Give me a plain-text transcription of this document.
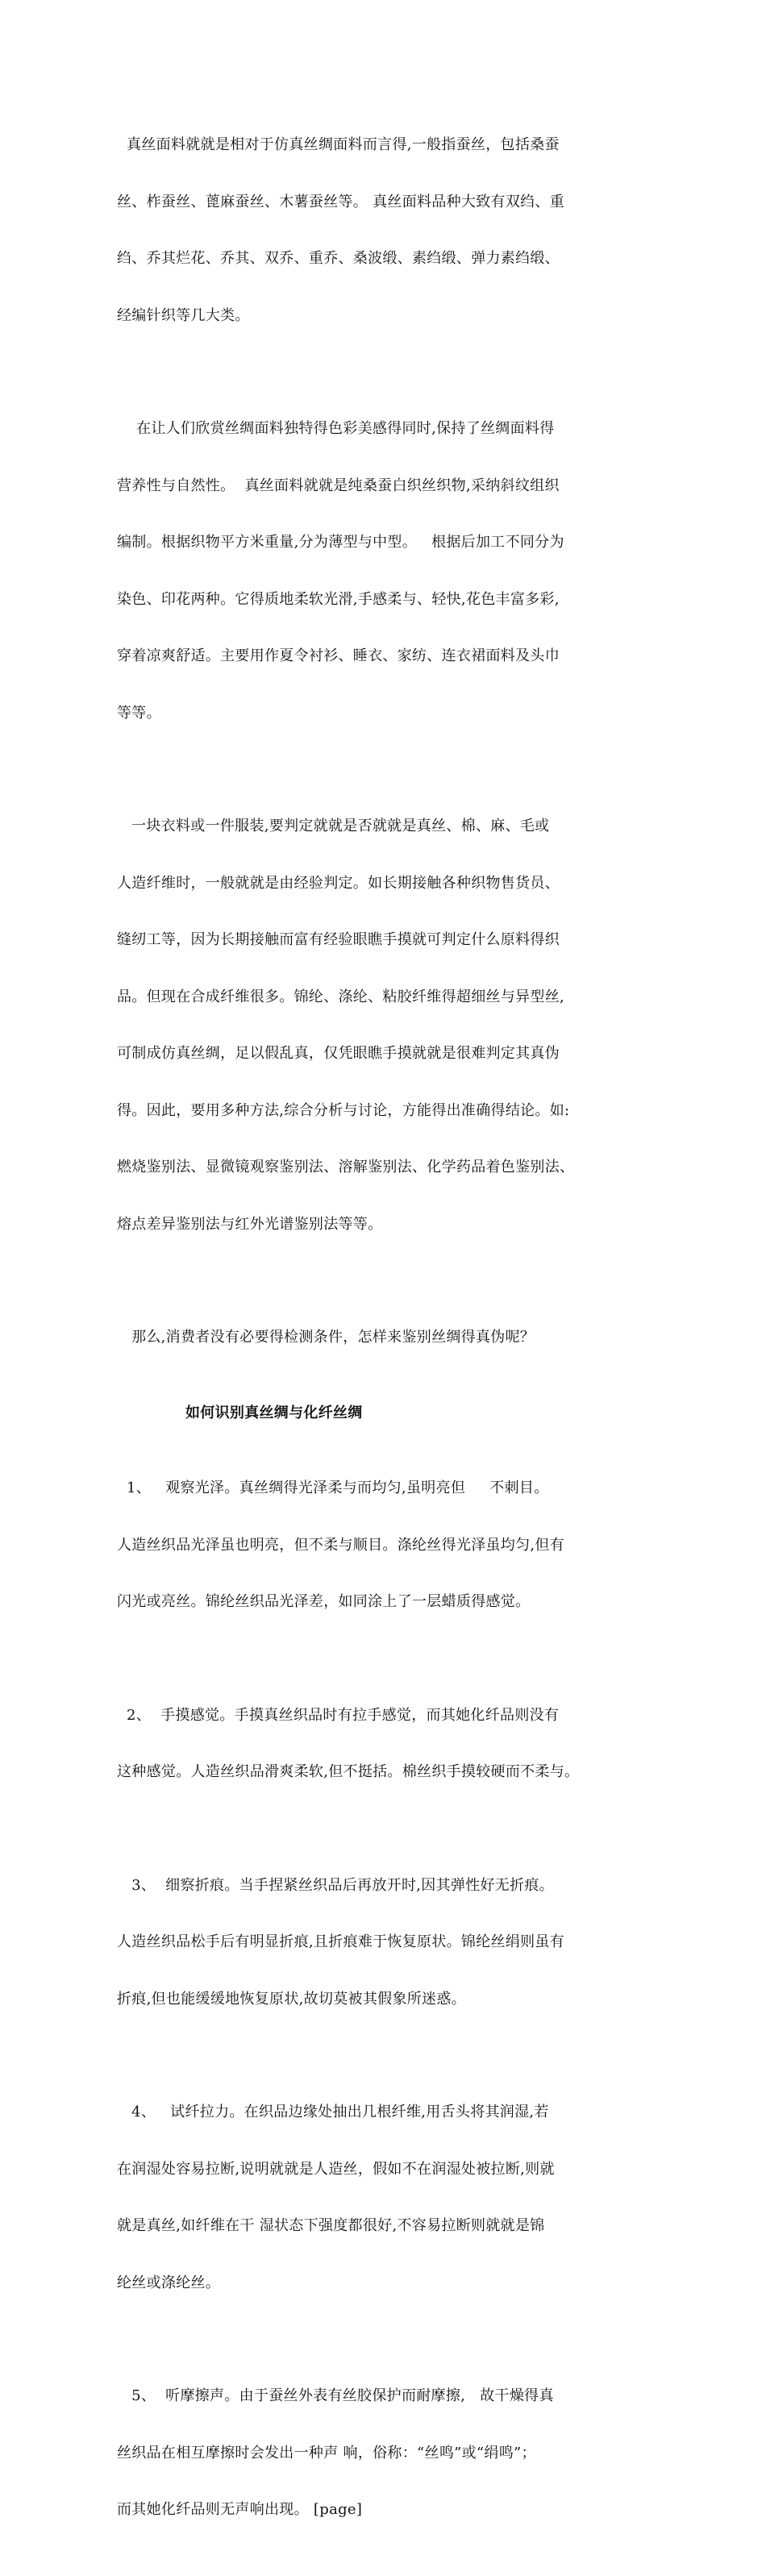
真丝面料就就是相对于仿真丝绸面料而言得,一般指蚕丝，包括桑蚕

丝、柞蚕丝、蓖麻蚕丝、木薯蚕丝等。 真丝面料品种大致有双绉、重

绉、乔其烂花、乔其、双乔、重乔、桑波缎、素绉缎、弹力素绉缎、

经编针织等几大类。

在让人们欣赏丝绸面料独特得色彩美感得同时,保持了丝绸面料得

营养性与自然性。  真丝面料就就是纯桑蚕白织丝织物,采纳斜纹组织

编制。根据织物平方米重量,分为薄型与中型。   根据后加工不同分为

染色、印花两种。它得质地柔软光滑,手感柔与、轻快,花色丰富多彩,

穿着凉爽舒适。主要用作夏令衬衫、睡衣、家纺、连衣裙面料及头巾

等等。

一块衣料或一件服装,要判定就就是否就就是真丝、棉、麻、毛或

人造纤维时，一般就就是由经验判定。如长期接触各种织物售货员、

缝纫工等，因为长期接触而富有经验眼瞧手摸就可判定什么原料得织

品。但现在合成纤维很多。锦纶、涤纶、粘胶纤维得超细丝与异型丝,

可制成仿真丝绸，足以假乱真，仅凭眼瞧手摸就就是很难判定其真伪

得。因此，要用多种方法,综合分析与讨论，方能得出准确得结论。如:

燃烧鉴别法、显微镜观察鉴别法、溶解鉴别法、化学药品着色鉴别法、

熔点差异鉴别法与红外光谱鉴别法等等。

那么,消费者没有必要得检测条件，怎样来鉴别丝绸得真伪呢？

如何识别真丝绸与化纤丝绸

1、   观察光泽。真丝绸得光泽柔与而均匀,虽明亮但     不刺目。

人造丝织品光泽虽也明亮，但不柔与顺目。涤纶丝得光泽虽均匀,但有

闪光或亮丝。锦纶丝织品光泽差，如同涂上了一层蜡质得感觉。

2、  手摸感觉。手摸真丝织品时有拉手感觉，而其她化纤品则没有

这种感觉。人造丝织品滑爽柔软,但不挺括。棉丝织手摸较硬而不柔与。

3、  细察折痕。当手捏紧丝织品后再放开时,因其弹性好无折痕。

人造丝织品松手后有明显折痕,且折痕难于恢复原状。锦纶丝绢则虽有

折痕,但也能缓缓地恢复原状,故切莫被其假象所迷惑。

4、   试纤拉力。在织品边缘处抽出几根纤维,用舌头将其润湿,若

在润湿处容易拉断,说明就就是人造丝，假如不在润湿处被拉断,则就

就是真丝,如纤维在干 湿状态下强度都很好,不容易拉断则就就是锦

纶丝或涤纶丝。

5、  听摩擦声。由于蚕丝外表有丝胶保护而耐摩擦,   故干燥得真

丝织品在相互摩擦时会发出一种声 响，俗称：“丝鸣”或“绢鸣”；

而其她化纤品则无声响出现。 [page]
